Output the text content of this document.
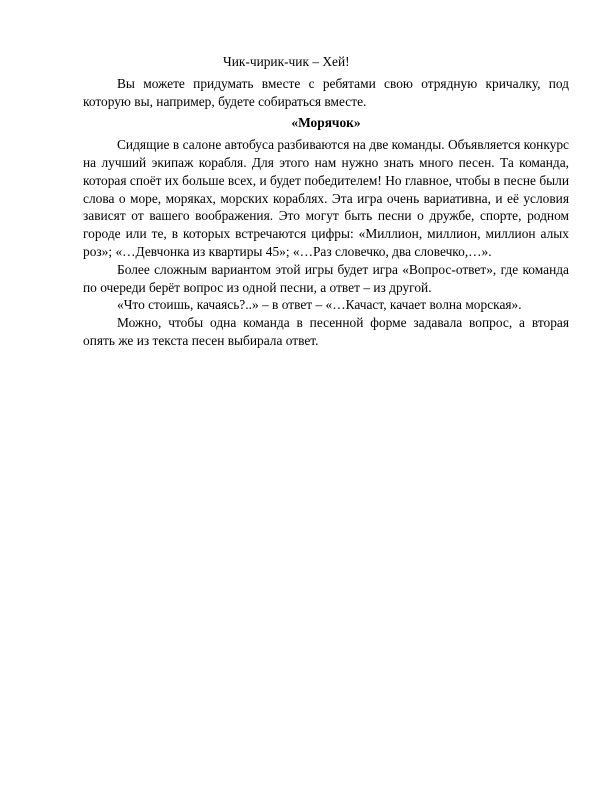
Чик-чирик-чик – Хей!

Вы можете придумать вместе с ребятами свою отрядную кричалку, под которую вы, например, будете собираться вместе.

«Морячок»

Сидящие в салоне автобуса разбиваются на две команды. Объявляется конкурс на лучший экипаж корабля. Для этого нам нужно знать много песен. Та команда, которая споёт их больше всех, и будет победителем! Но главное, чтобы в песне были слова о море, моряках, морских кораблях. Эта игра очень вариативна, и её условия зависят от вашего воображения. Это могут быть песни о дружбе, спорте, родном городе или те, в которых встречаются цифры: «Миллион, миллион, миллион алых роз»; «…Девчонка из квартиры 45»; «…Раз словечко, два словечко,…».

Более сложным вариантом этой игры будет игра «Вопрос-ответ», где команда по очереди берёт вопрос из одной песни, а ответ – из другой.

«Что стоишь, качаясь?..» – в ответ – «…Качаст, качает волна морская».

Можно, чтобы одна команда в песенной форме задавала вопрос, а вторая опять же из текста песен выбирала ответ.
